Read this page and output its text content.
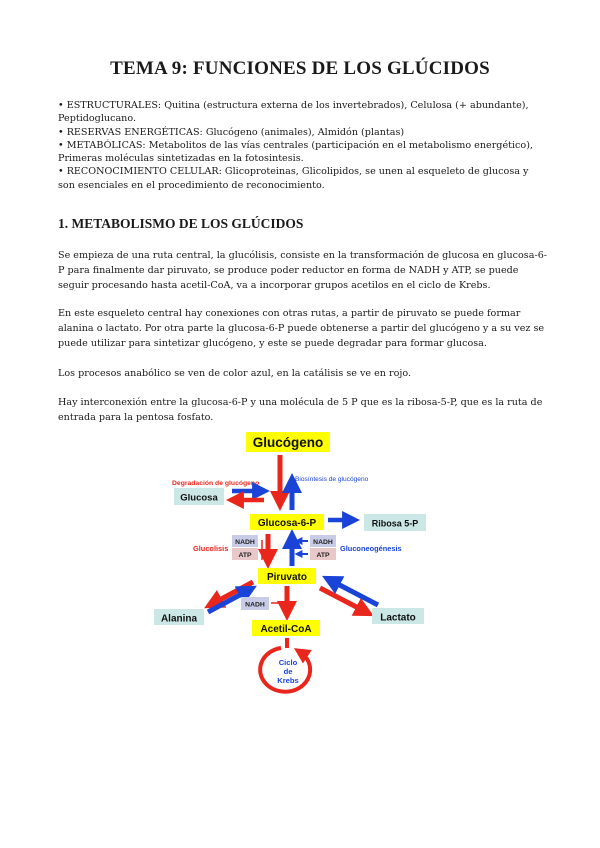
TEMA 9: FUNCIONES DE LOS GLÚCIDOS
• ESTRUCTURALES: Quitina (estructura externa de los invertebrados), Celulosa (+ abundante), Peptidoglucano.
• RESERVAS ENERGÉTICAS: Glucógeno (animales), Almidón (plantas)
• METABÓLICAS: Metabolitos de las vías centrales (participación en el metabolismo energético), Primeras moléculas sintetizadas en la fotosintesis.
• RECONOCIMIENTO CELULAR: Glicoproteinas, Glicolipidos, se unen al esqueleto de glucosa y son esenciales en el procedimiento de reconocimiento.
1. METABOLISMO DE LOS GLÚCIDOS

Se empieza de una ruta central, la glucólisis, consiste en la transformación de glucosa en glucosa-6-P para finalmente dar piruvato, se produce poder reductor en forma de NADH y ATP, se puede seguir procesando hasta acetil-CoA, va a incorporar grupos acetilos en el ciclo de Krebs.

En este esqueleto central hay conexiones con otras rutas, a partir de piruvato se puede formar alanina o lactato. Por otra parte la glucosa-6-P puede obtenerse a partir del glucógeno y a su vez se puede utilizar para sintetizar glucógeno, y este se puede degradar para formar glucosa.

Los procesos anabólico se ven de color azul, en la catálisis se ve en rojo.

Hay interconexión entre la glucosa-6-P y una molécula de 5 P que es la ribosa-5-P, que es la ruta de entrada para la pentosa fosfato.

Glucógeno
Degradación de glucógeno
Biosíntesis de glucógeno
Glucosa
Glucosa-6-P	Ribosa 5-P
Glucolisis	Gluconeogénesis
NADH
ATP
NADH
ATP
Piruvato
Alanina	Lactato
NADH
Acetil-CoA
Ciclo
de
Krebs
